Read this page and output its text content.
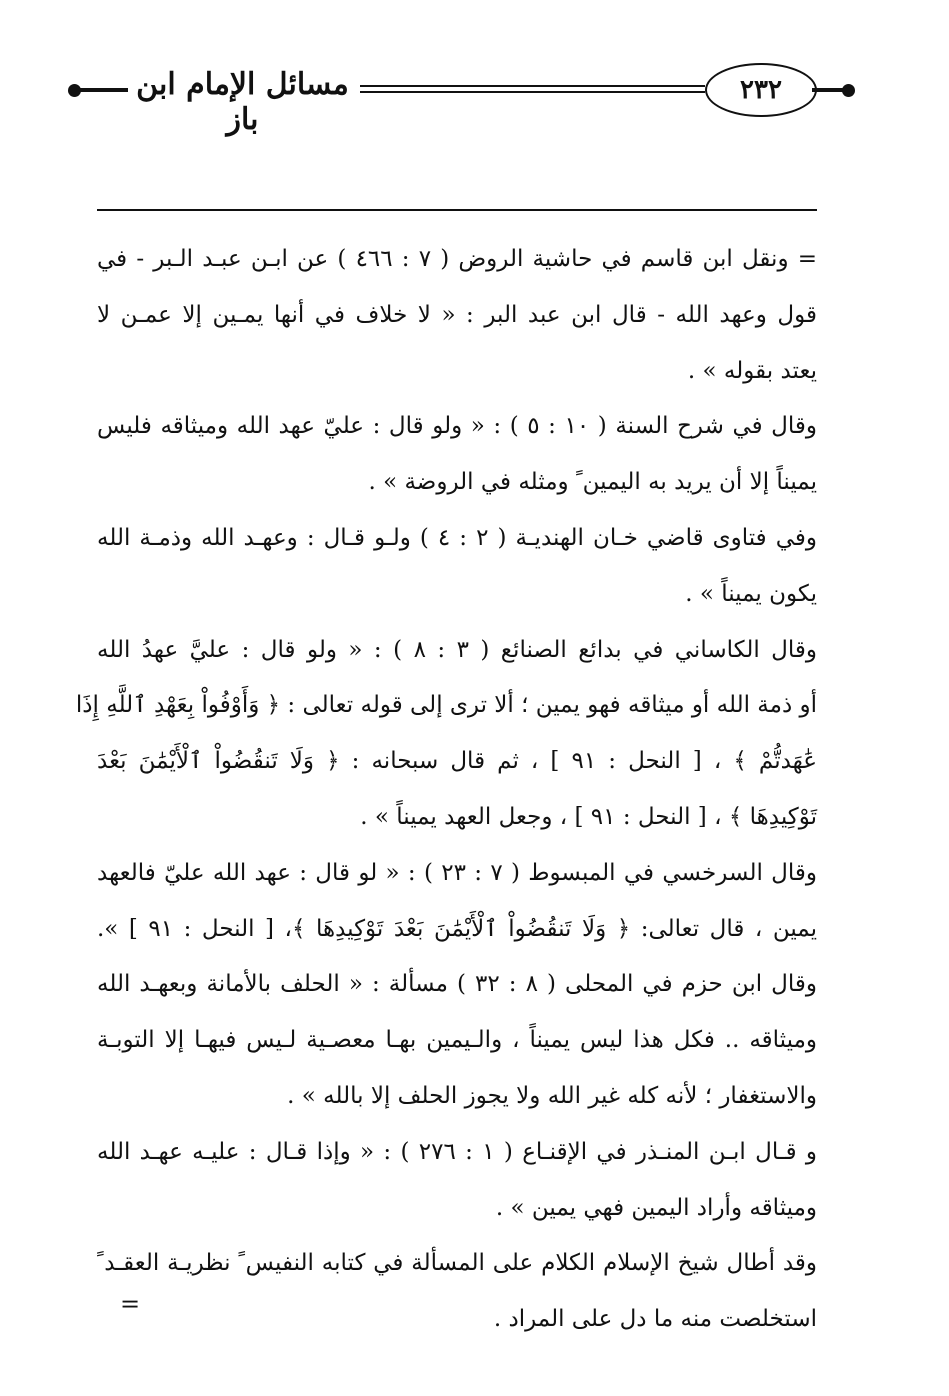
مسائل الإمام ابن باز
٢٣٢
= ونقل ابن قاسم في حاشية الروض ( ٧ : ٤٦٦ ) عن ابـن عبـد الـبر - في
قول وعهد الله - قال ابن عبد البر : « لا خلاف في أنها يمـين إلا عمـن لا
يعتد بقوله » .
وقال في شرح السنة ( ١٠ : ٥ ) : « ولو قال : عليّ عهد الله وميثاقه فليس
يميناً إلا أن يريد به اليمين ً ومثله في الروضة » .
وفي فتاوى قاضي خـان الهنديـة ( ٢ : ٤ ) ولـو قـال : وعهـد الله وذمـة الله
يكون يميناً » .
وقال الكاساني في بدائع الصنائع ( ٣ : ٨ ) : « ولو قال : عليَّ عهدُ الله
أو ذمة الله أو ميثاقه فهو يمين ؛ ألا ترى إلى قوله تعالى : ﴿ وَأَوْفُواْ بِعَهْدِ ٱللَّهِ إِذَا
عَٰهَدتُّمْ ﴾ ، [ النحل : ٩١ ] ، ثم قال سبحانه : ﴿ وَلَا تَنقُضُواْ ٱلْأَيْمَٰنَ بَعْدَ
تَوْكِيدِهَا ﴾ ، [ النحل : ٩١ ] ، وجعل العهد يميناً » .
وقال السرخسي في المبسوط ( ٧ : ٢٣ ) : « لو قال : عهد الله عليّ فالعهد
يمين ، قال تعالى: ﴿ وَلَا تَنقُضُواْ ٱلْأَيْمَٰنَ بَعْدَ تَوْكِيدِهَا ﴾، [ النحل : ٩١ ] ».
وقال ابن حزم في المحلى ( ٨ : ٣٢ ) مسألة : « الحلف بالأمانة وبعهـد الله
وميثاقه .. فكل هذا ليس يميناً ، والـيمين بهـا معصـية لـيس فيهـا إلا التوبـة
والاستغفار ؛ لأنه كله غير الله ولا يجوز الحلف إلا بالله » .
و قـال ابـن المنـذر في الإقنـاع ( ١ : ٢٧٦ ) : « وإذا قـال : عليـه عهـد الله
وميثاقه وأراد اليمين فهي يمين » .
وقد أطال شيخ الإسلام الكلام على المسألة في كتابه النفيس ً نظريـة العقـد ً
استخلصت منه ما دل على المراد .
=
